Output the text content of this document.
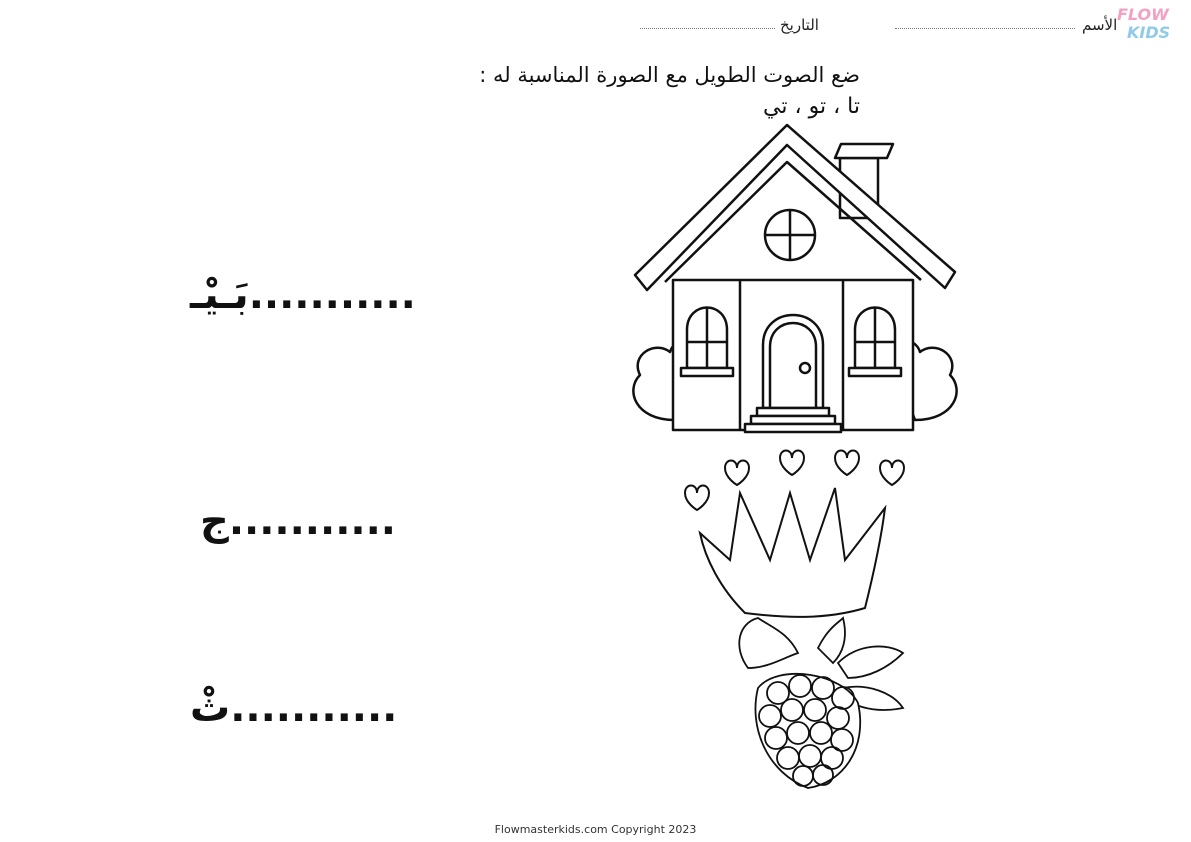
التاريخ	الأسم
FLOW
KIDS
ضع الصوت الطويل مع الصورة المناسبة له :
تا ، تو ، تي
بَـيْـ...........
ج...........
ثْ...........
Flowmasterkids.com Copyright 2023
